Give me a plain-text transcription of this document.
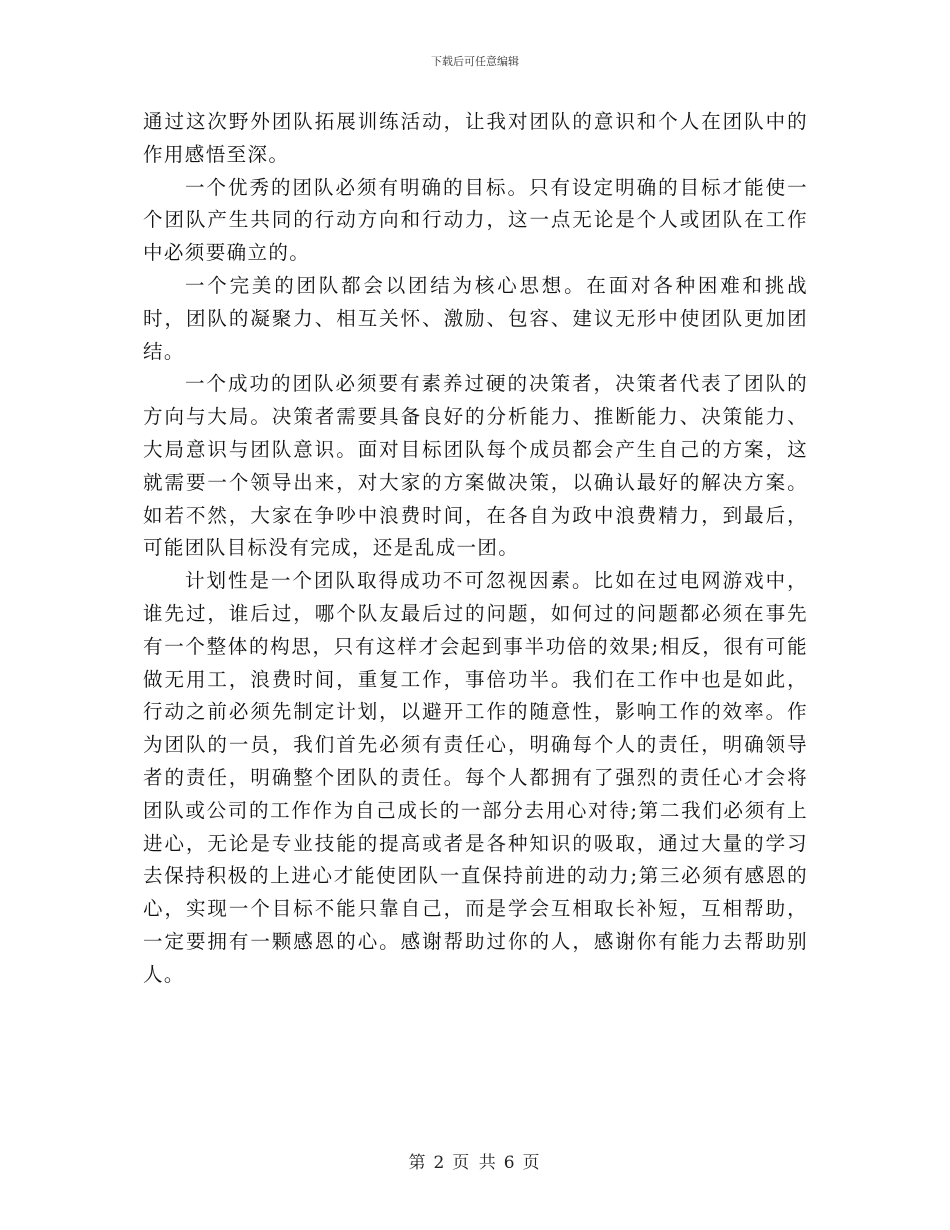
下载后可任意编辑

通过这次野外团队拓展训练活动，让我对团队的意识和个人在团队中的作用感悟至深。

一个优秀的团队必须有明确的目标。只有设定明确的目标才能使一个团队产生共同的行动方向和行动力，这一点无论是个人或团队在工作中必须要确立的。

一个完美的团队都会以团结为核心思想。在面对各种困难和挑战时，团队的凝聚力、相互关怀、激励、包容、建议无形中使团队更加团结。

一个成功的团队必须要有素养过硬的决策者，决策者代表了团队的方向与大局。决策者需要具备良好的分析能力、推断能力、决策能力、大局意识与团队意识。面对目标团队每个成员都会产生自己的方案，这就需要一个领导出来，对大家的方案做决策，以确认最好的解决方案。如若不然，大家在争吵中浪费时间，在各自为政中浪费精力，到最后，可能团队目标没有完成，还是乱成一团。

计划性是一个团队取得成功不可忽视因素。比如在过电网游戏中，谁先过，谁后过，哪个队友最后过的问题，如何过的问题都必须在事先有一个整体的构思，只有这样才会起到事半功倍的效果;相反，很有可能做无用工，浪费时间，重复工作，事倍功半。我们在工作中也是如此，行动之前必须先制定计划，以避开工作的随意性，影响工作的效率。作为团队的一员，我们首先必须有责任心，明确每个人的责任，明确领导者的责任，明确整个团队的责任。每个人都拥有了强烈的责任心才会将团队或公司的工作作为自己成长的一部分去用心对待;第二我们必须有上进心，无论是专业技能的提高或者是各种知识的吸取，通过大量的学习去保持积极的上进心才能使团队一直保持前进的动力;第三必须有感恩的心，实现一个目标不能只靠自己，而是学会互相取长补短，互相帮助，一定要拥有一颗感恩的心。感谢帮助过你的人，感谢你有能力去帮助别人。

第 2 页 共 6 页
